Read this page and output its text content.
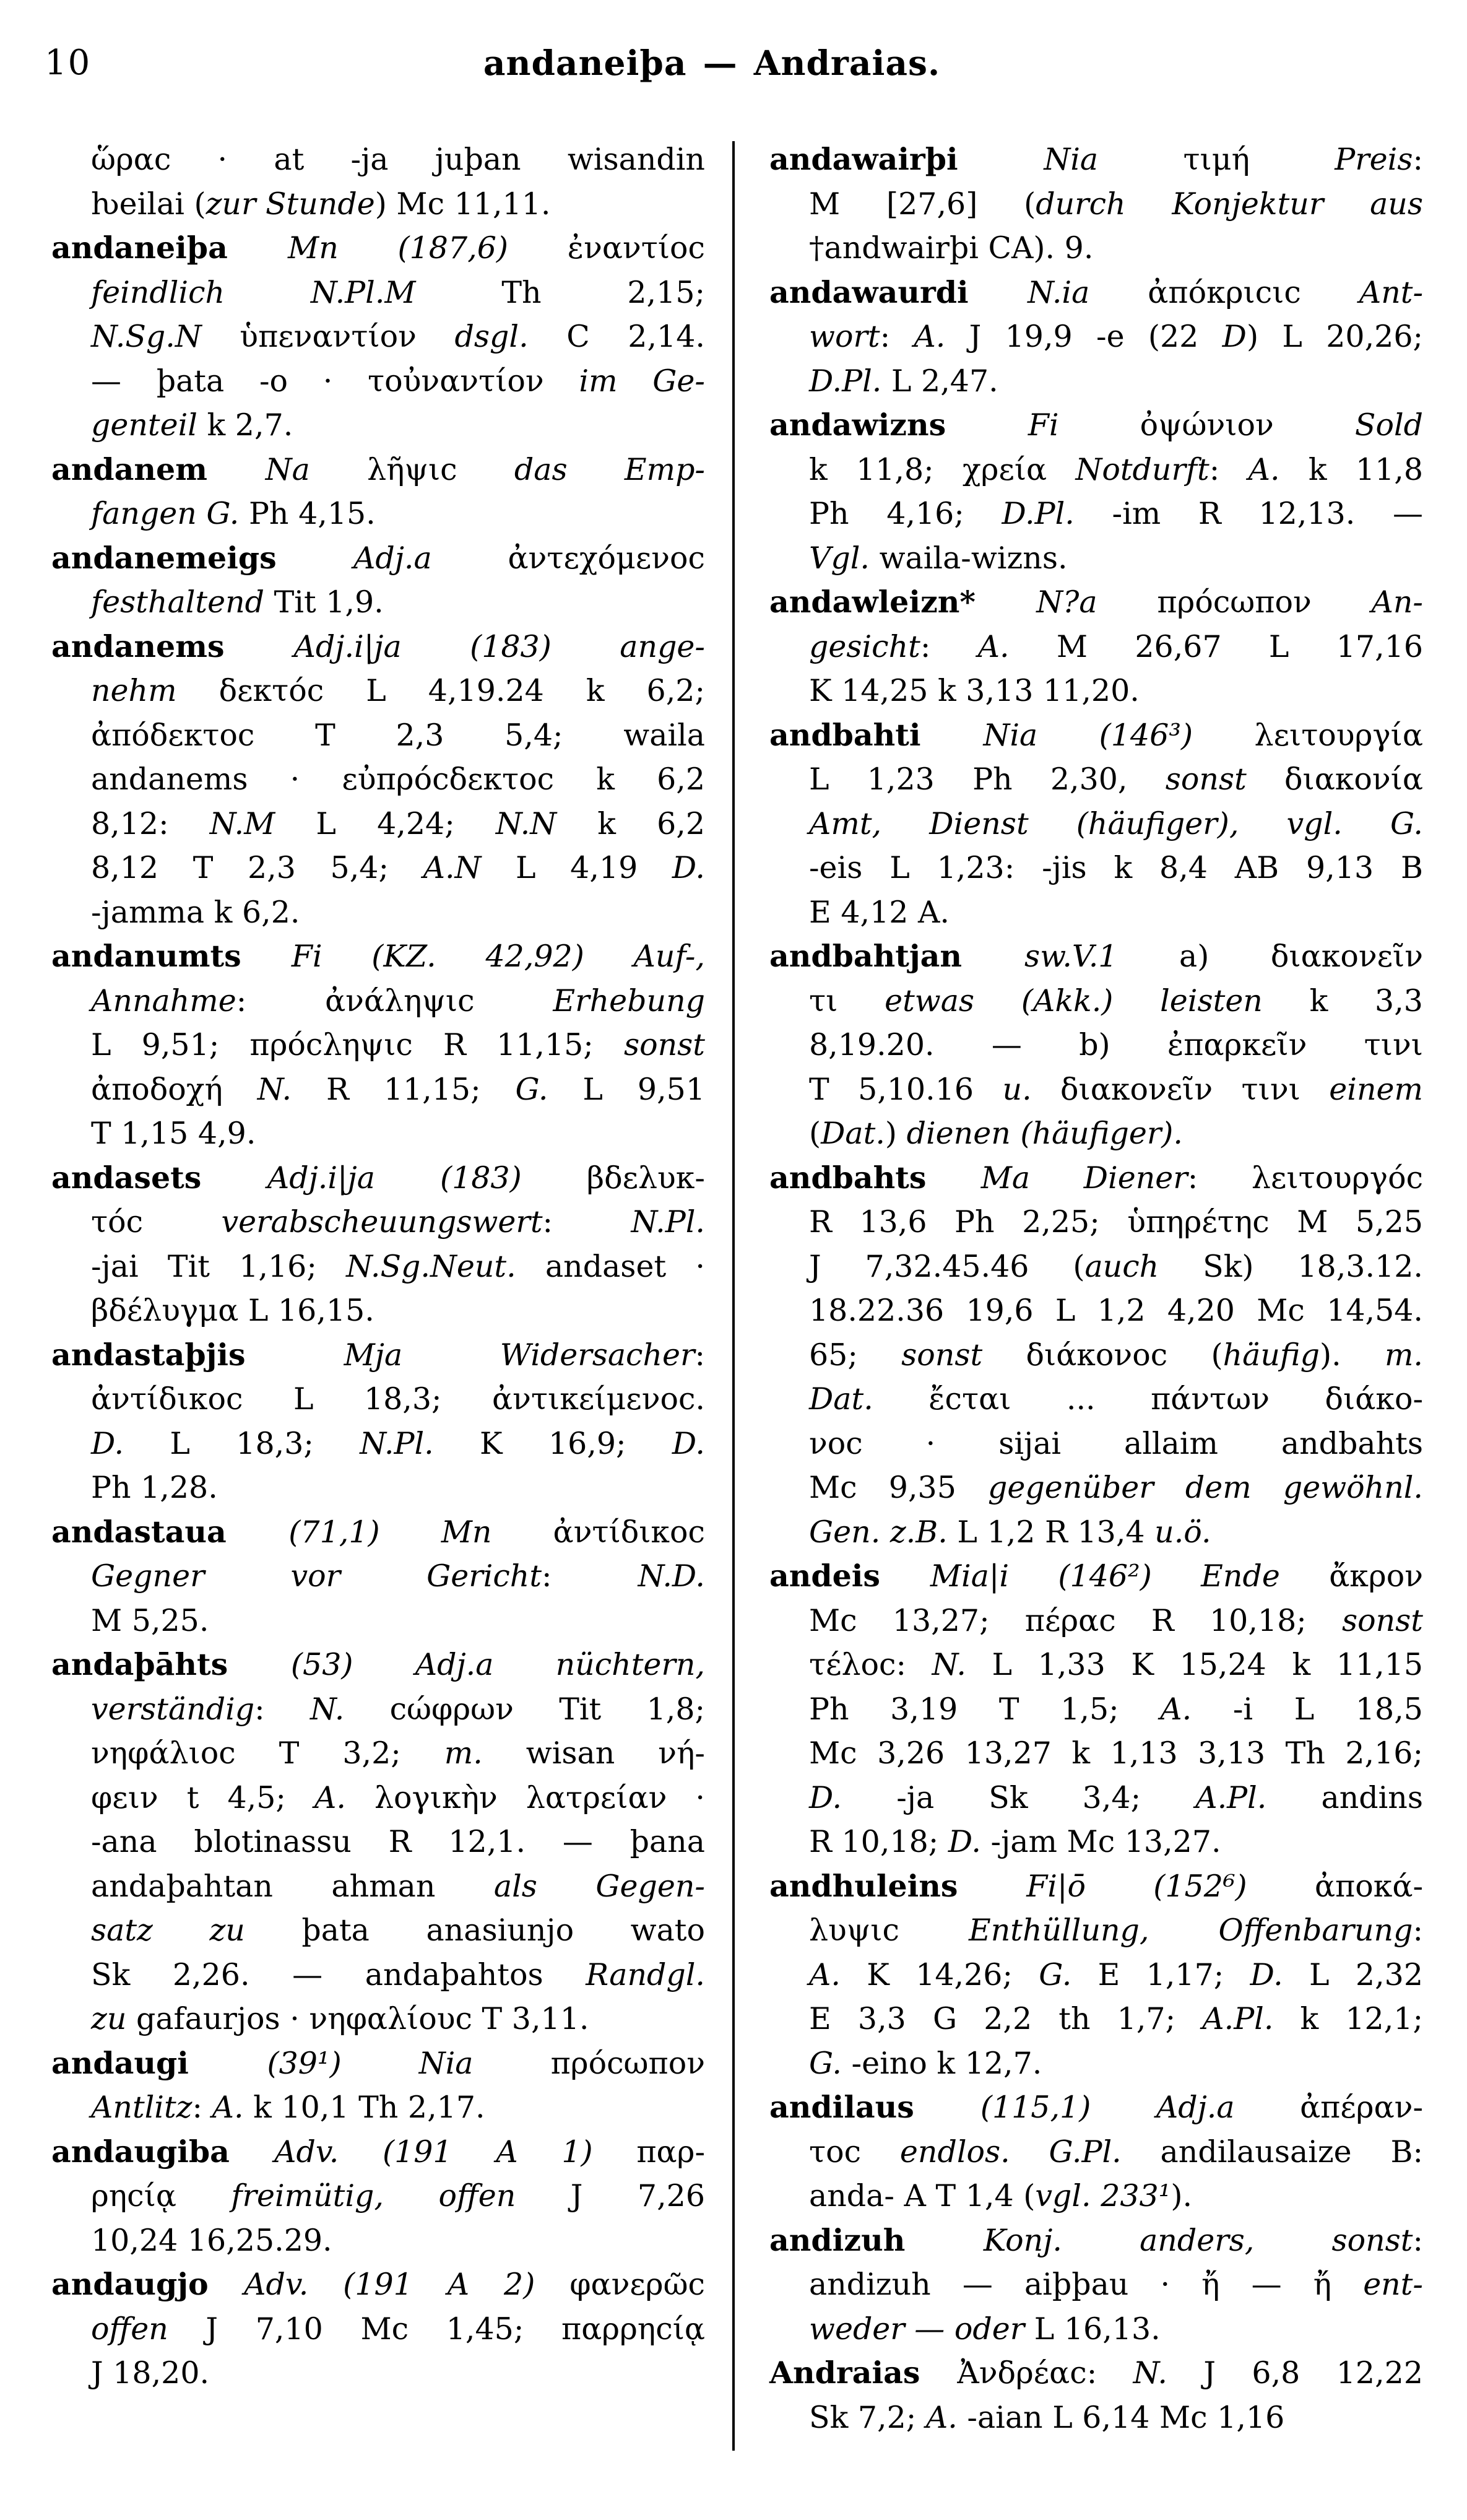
10	andaneiþa — Andraias.
ὥραϲ · at -ja juþan wisandin
ƕeilai (zur Stunde) Mc 11,11.
andaneiþa Mn (187,6) ἐναντίοϲ
feindlich N.Pl.M Th 2,15;
N.Sg.N ὑπεναντίον dsgl. C 2,14.
— þata -o · τοὐναντίον im Ge-
genteil k 2,7.
andanem Na λῆψιϲ das Emp-
fangen G. Ph 4,15.
andanemeigs Adj.a ἀντεχόμενοϲ
festhaltend Tit 1,9.
andanems Adj.i|ja (183) ange-
nehm δεκτόϲ L 4,19.24 k 6,2;
ἀπόδεκτοϲ T 2,3 5,4; waila
andanems · εὐπρόϲδεκτοϲ k 6,2
8,12: N.M L 4,24; N.N k 6,2
8,12 T 2,3 5,4; A.N L 4,19 D.
-jamma k 6,2.
andanumts Fi (KZ. 42,92) Auf-,
Annahme: ἀνάληψιϲ Erhebung
L 9,51; πρόϲληψιϲ R 11,15; sonst
ἀποδοχή N. R 11,15; G. L 9,51
T 1,15 4,9.
andasets Adj.i|ja (183) βδελυκ-
τόϲ verabscheuungswert: N.Pl.
-jai Tit 1,16; N.Sg.Neut. andaset ·
βδέλυγμα L 16,15.
andastaþjis Mja Widersacher:
ἀντίδικοϲ L 18,3; ἀντικείμενοϲ.
D. L 18,3; N.Pl. K 16,9; D.
Ph 1,28.
andastaua (71,1) Mn ἀντίδικοϲ
Gegner vor Gericht: N.D.
M 5,25.
andaþāhts (53) Adj.a nüchtern,
verständig: N. ϲώφρων Tit 1,8;
νηφάλιοϲ T 3,2; m. wisan νή-
φειν t 4,5; A. λογικὴν λατρείαν ·
-ana blotinassu R 12,1. — þana
andaþahtan ahman als Gegen-
satz zu þata anasiunjo wato
Sk 2,26. — andaþahtos Randgl.
zu gafaurjos · νηφαλίουϲ T 3,11.
andaugi (39¹) Nia πρόϲωπον
Antlitz: A. k 10,1 Th 2,17.
andaugiba Adv. (191 A 1) παρ-
ρηϲίᾳ freimütig, offen J 7,26
10,24 16,25.29.
andaugjo Adv. (191 A 2) φανερῶϲ
offen J 7,10 Mc 1,45; παρρηϲίᾳ
J 18,20.
andawairþi Nia τιμή Preis:
M [27,6] (durch Konjektur aus
†andwairþi CA). 9.
andawaurdi N.ia ἀπόκριϲιϲ Ant-
wort: A. J 19,9 -e (22 D) L 20,26;
D.Pl. L 2,47.
andawizns Fi ὀψώνιον Sold
k 11,8; χρεία Notdurft: A. k 11,8
Ph 4,16; D.Pl. -im R 12,13. —
Vgl. waila-wizns.
andawleizn* N?a πρόϲωπον An-
gesicht: A. M 26,67 L 17,16
K 14,25 k 3,13 11,20.
andbahti Nia (146³) λειτουργία
L 1,23 Ph 2,30, sonst διακονία
Amt, Dienst (häufiger), vgl. G.
-eis L 1,23: -jis k 8,4 AB 9,13 B
E 4,12 A.
andbahtjan sw.V.1 a) διακονεῖν
τι etwas (Akk.) leisten k 3,3
8,19.20. — b) ἐπαρκεῖν τινι
T 5,10.16 u. διακονεῖν τινι einem
(Dat.) dienen (häufiger).
andbahts Ma Diener: λειτουργόϲ
R 13,6 Ph 2,25; ὑπηρέτηϲ M 5,25
J 7,32.45.46 (auch Sk) 18,3.12.
18.22.36 19,6 L 1,2 4,20 Mc 14,54.
65; sonst διάκονοϲ (häufig). m.
Dat. ἔϲται ... πάντων διάκο-
νοϲ · sijai allaim andbahts
Mc 9,35 gegenüber dem gewöhnl.
Gen. z.B. L 1,2 R 13,4 u.ö.
andeis Mia|i (146²) Ende ἄκρον
Mc 13,27; πέραϲ R 10,18; sonst
τέλοϲ: N. L 1,33 K 15,24 k 11,15
Ph 3,19 T 1,5; A. -i L 18,5
Mc 3,26 13,27 k 1,13 3,13 Th 2,16;
D. -ja Sk 3,4; A.Pl. andins
R 10,18; D. -jam Mc 13,27.
andhuleins Fi|ō (152⁶) ἀποκά-
λυψιϲ Enthüllung, Offenbarung:
A. K 14,26; G. E 1,17; D. L 2,32
E 3,3 G 2,2 th 1,7; A.Pl. k 12,1;
G. -eino k 12,7.
andilaus (115,1) Adj.a ἀπέραν-
τοϲ endlos. G.Pl. andilausaize B:
anda- A T 1,4 (vgl. 233¹).
andizuh Konj. anders, sonst:
andizuh — aiþþau · ἤ — ἤ ent-
weder — oder L 16,13.
Andraias Ἀνδρέαϲ: N. J 6,8 12,22
Sk 7,2; A. -aian L 6,14 Mc 1,16
